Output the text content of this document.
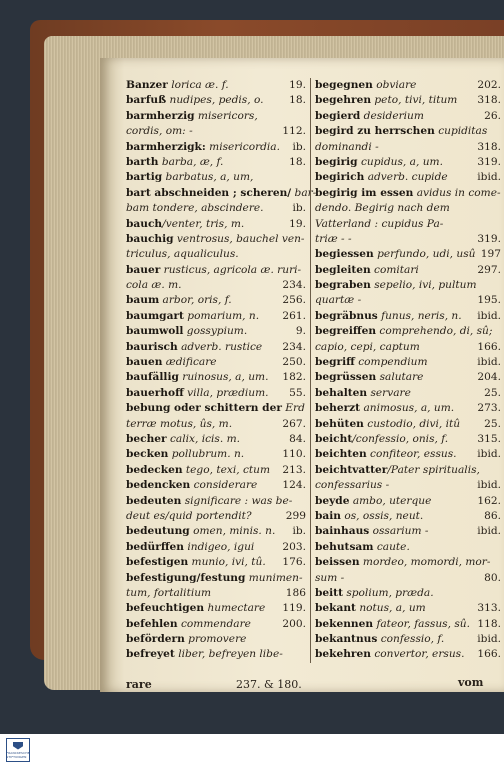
Banzer lorica æ. f.	19.
barfuß nudipes, pedis, o. 18.
barmherzig misericors,
cordis, om: -	112.
barmherzigk: misericordia. ib.
barth barba, æ, f.	18.
bartig barbatus, a, um,
bart abschneiden ; scheren/ bar-
bam tondere, abscindere.	ib.
bauch/venter, tris, m.	19.
bauchig ventrosus, bauchel ven-
triculus, aqualiculus.
bauer rusticus, agricola æ. ruri-
cola æ. m.	234.
baum arbor, oris, f.	256.
baumgart pomarium, n. 261.
baumwoll gossypium.	9.
baurisch adverb. rustice 234.
bauen ædificare	250.
baufällig ruinosus, a, um. 182.
bauerhoff villa, prædium. 55.
bebung oder schittern der Erd
terræ motus, ûs, m.	267.
becher calix, icis. m.	84.
becken pollubrum. n.	110.
bedecken tego, texi, ctum 213.
bedencken considerare 124.
bedeuten significare : was be-
deut es/quid portendit?	299
bedeutung omen, minis. n. ib.
bedürffen indigeo, igui	203.
befestigen munio, ivi, tû. 176.
befestigung/festung munimen-
tum, fortalitium	186
befeuchtigen humectare 119.
befehlen commendare	200.
befördern promovere
befreyet liber, befreyen libe-
begegnen obviare	202.
begehren peto, tivi, titum 318.
begierd desiderium	26.
begird zu herrschen cupiditas
dominandi -	318.
begirig cupidus, a, um.	319.
begirich adverb. cupide	ibid.
begirig im essen avidus in come-
dendo. Begirig nach dem
Vatterland : cupidus Pa-
triæ - -	319.
begiessen perfundo, udi, usû 197
begleiten comitari	297.
begraben sepelio, ivi, pultum
quartæ -	195.
begräbnus funus, neris, n. ibid.
begreiffen comprehendo, di, sû;
capio, cepi, captum	166.
begriff compendium	ibid.
begrüssen salutare	204.
behalten servare	25.
beherzt animosus, a, um. 273.
behüten custodio, divi, itû 25.
beicht/confessio, onis, f.	315.
beichten confiteor, essus. ibid.
beichtvatter/Pater spiritualis,
confessarius -	ibid.
beyde ambo, uterque	162.
bain os, ossis, neut.	86.
bainhaus ossarium -	ibid.
behutsam caute.
beissen mordeo, momordi, mor-
sum -	80.
beitt spolium, præda.
bekant notus, a, um	313.
bekennen fateor, fassus, sû. 118.
bekantnus confessio, f.	ibid.
bekehren convertor, ersus. 166.
rare	237. & 180.	vom
FRANCKESCHE STIFTUNGEN
